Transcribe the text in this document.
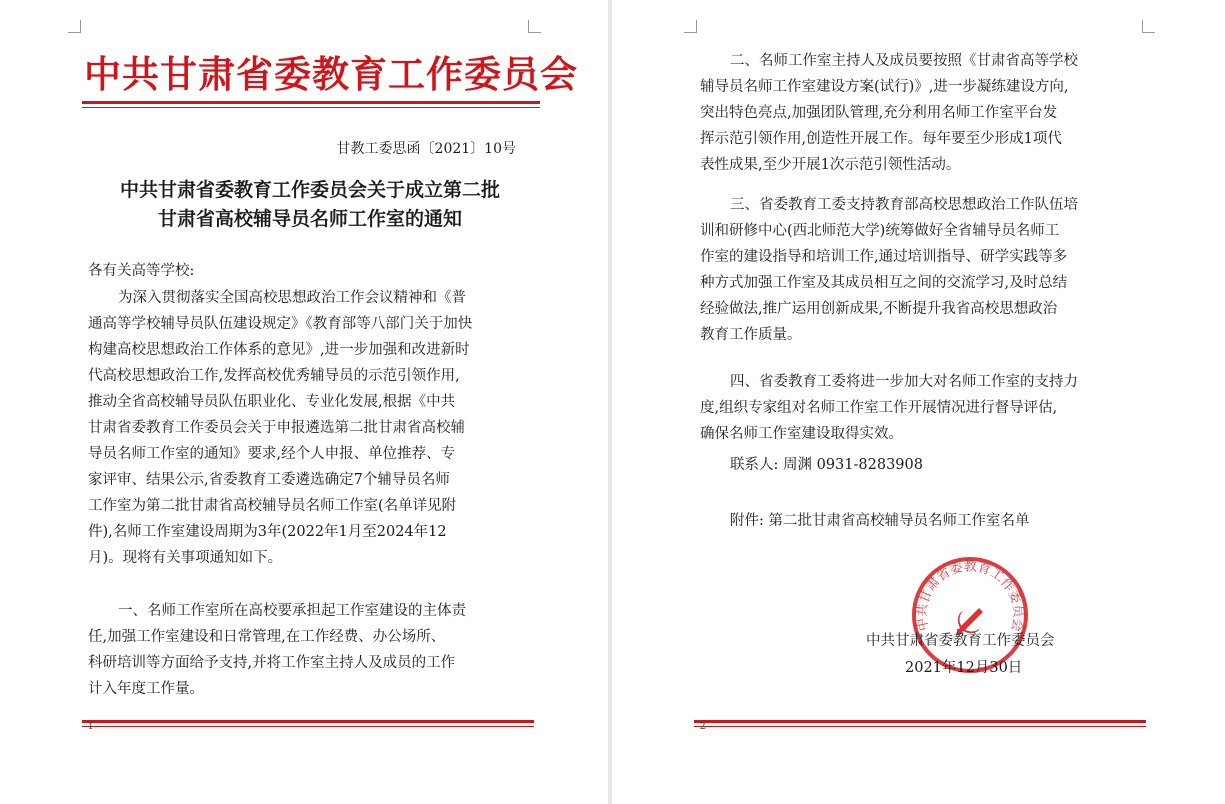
中共甘肃省委教育工作委员会
甘教工委思函〔2021〕10号
中共甘肃省委教育工作委员会关于成立第二批
甘肃省高校辅导员名师工作室的通知
各有关高等学校:
为深入贯彻落实全国高校思想政治工作会议精神和《普
通高等学校辅导员队伍建设规定》《教育部等八部门关于加快
构建高校思想政治工作体系的意见》,进一步加强和改进新时
代高校思想政治工作,发挥高校优秀辅导员的示范引领作用,
推动全省高校辅导员队伍职业化、专业化发展,根据《中共
甘肃省委教育工作委员会关于申报遴选第二批甘肃省高校辅
导员名师工作室的通知》要求,经个人申报、单位推荐、专
家评审、结果公示,省委教育工委遴选确定7个辅导员名师
工作室为第二批甘肃省高校辅导员名师工作室(名单详见附
件),名师工作室建设周期为3年(2022年1月至2024年12
月)。现将有关事项通知如下。
一、名师工作室所在高校要承担起工作室建设的主体责
任,加强工作室建设和日常管理,在工作经费、办公场所、
科研培训等方面给予支持,并将工作室主持人及成员的工作
计入年度工作量。
- 1 -
二、名师工作室主持人及成员要按照《甘肃省高等学校
辅导员名师工作室建设方案(试行)》,进一步凝练建设方向,
突出特色亮点,加强团队管理,充分利用名师工作室平台发
挥示范引领作用,创造性开展工作。每年要至少形成1项代
表性成果,至少开展1次示范引领性活动。
三、省委教育工委支持教育部高校思想政治工作队伍培
训和研修中心(西北师范大学)统筹做好全省辅导员名师工
作室的建设指导和培训工作,通过培训指导、研学实践等多
种方式加强工作室及其成员相互之间的交流学习,及时总结
经验做法,推广运用创新成果,不断提升我省高校思想政治
教育工作质量。
四、省委教育工委将进一步加大对名师工作室的支持力
度,组织专家组对名师工作室工作开展情况进行督导评估,
确保名师工作室建设取得实效。
联系人: 周渊 0931-8283908
附件: 第二批甘肃省高校辅导员名师工作室名单
中共甘肃省委教育工作委员会
中共甘肃省委教育工作委员会
2021年12月30日
- 2 -
